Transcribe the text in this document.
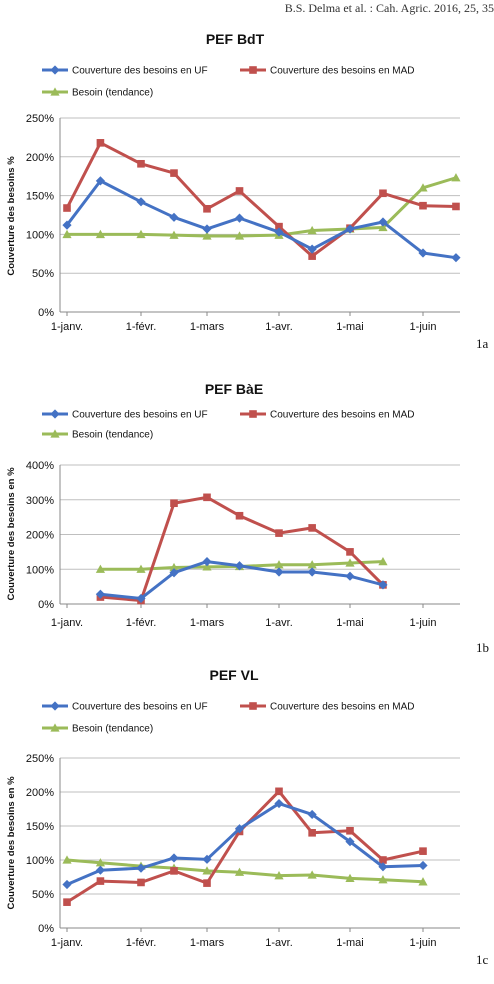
B.S. Delma et al. : Cah. Agric. 2016, 25, 35
PEF BdT
Couverture des besoins en UF	Couverture des besoins en MAD
Besoin (tendance)
0%
50%
100%
150%
200%
250%
1-janv.	1-févr.	1-mars	1-avr.	1-mai	1-juin
Couverture des besoins %
1a
PEF BàE
Couverture des besoins en UF	Couverture des besoins en MAD
Besoin (tendance)
0%
100%
200%
300%
400%
1-janv.	1-févr.	1-mars	1-avr.	1-mai	1-juin
Couverture des besoins en %
1b
PEF VL
Couverture des besoins en UF	Couverture des besoins en MAD
Besoin (tendance)
0%
50%
100%
150%
200%
250%
1-janv.	1-févr.	1-mars	1-avr.	1-mai	1-juin
Couverture des besoins en %
1c
